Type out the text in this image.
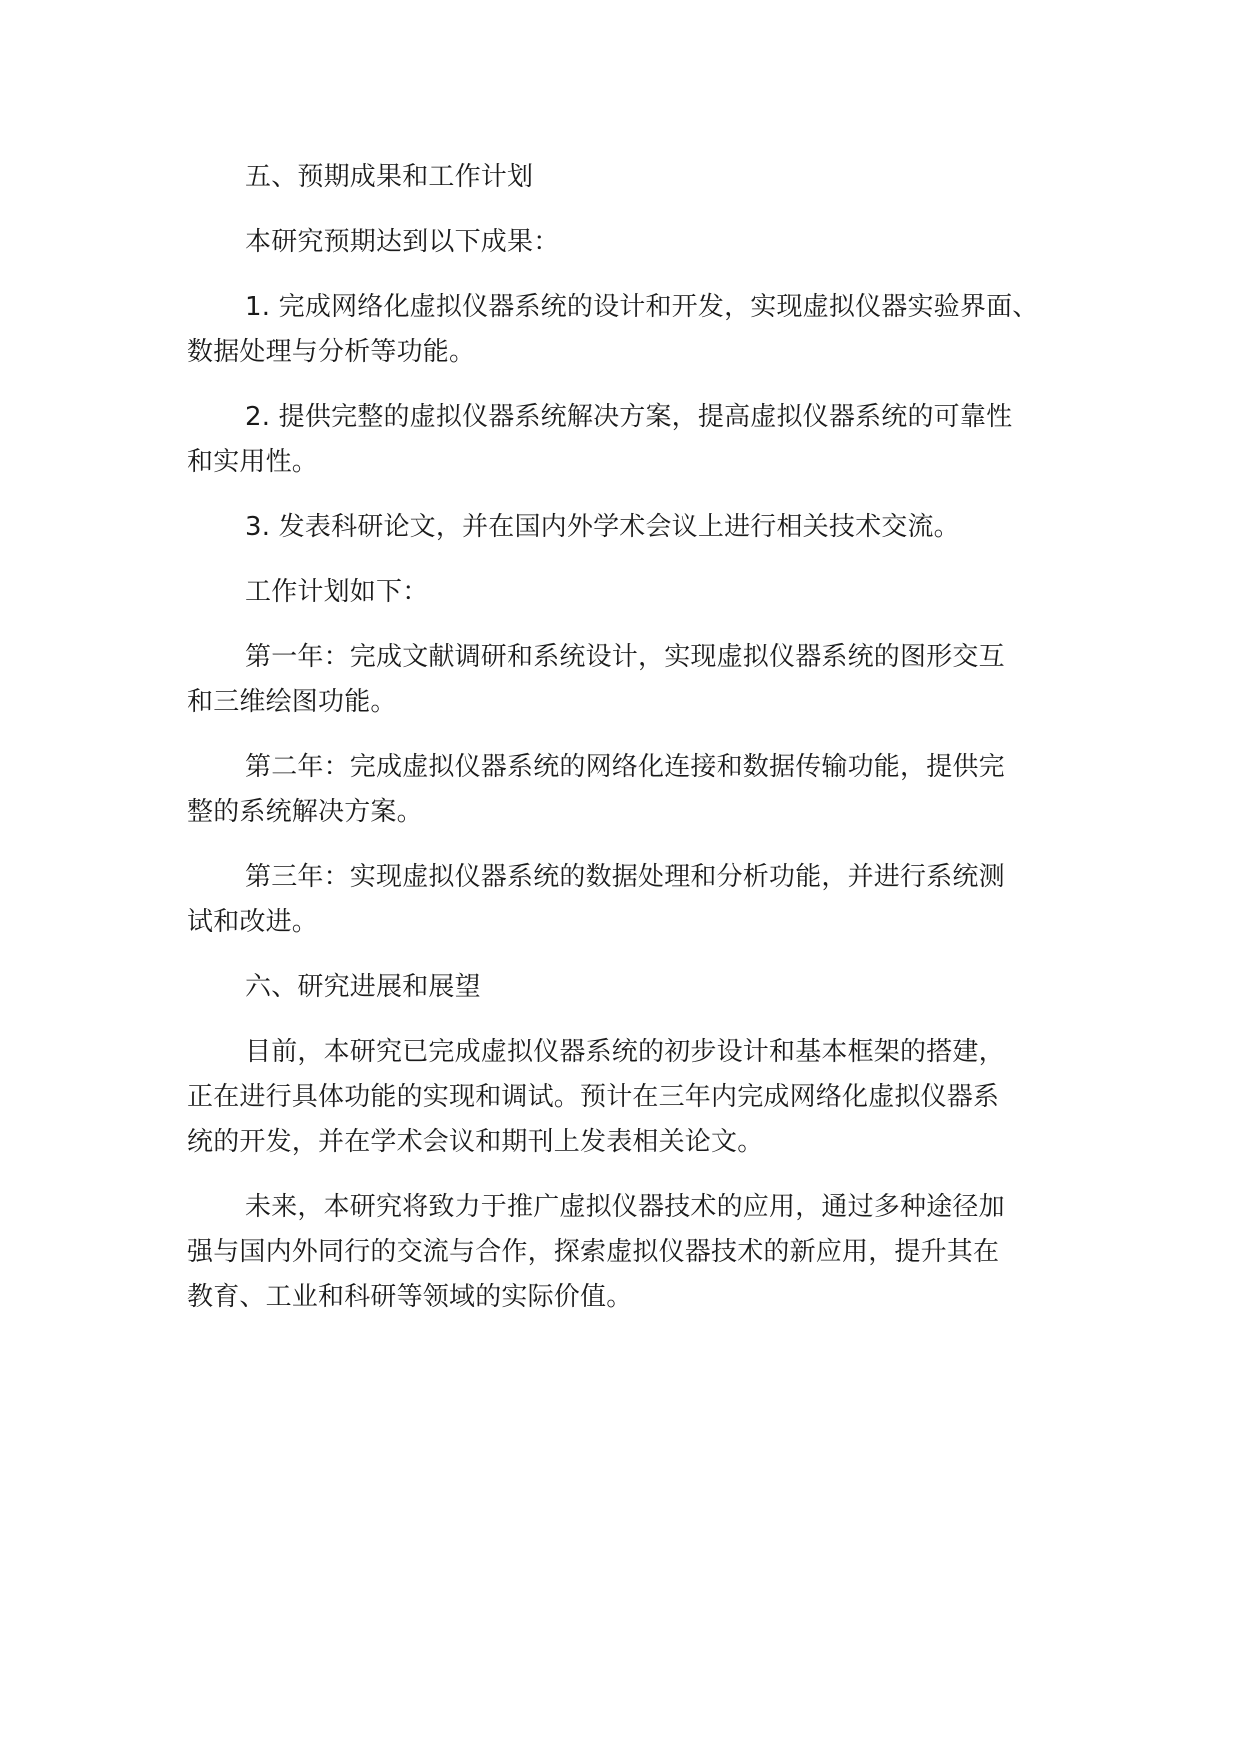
五、预期成果和工作计划

本研究预期达到以下成果：

1. 完成网络化虚拟仪器系统的设计和开发，实现虚拟仪器实验界面、
数据处理与分析等功能。

2. 提供完整的虚拟仪器系统解决方案，提高虚拟仪器系统的可靠性
和实用性。

3. 发表科研论文，并在国内外学术会议上进行相关技术交流。

工作计划如下：

第一年：完成文献调研和系统设计，实现虚拟仪器系统的图形交互
和三维绘图功能。

第二年：完成虚拟仪器系统的网络化连接和数据传输功能，提供完
整的系统解决方案。

第三年：实现虚拟仪器系统的数据处理和分析功能，并进行系统测
试和改进。

六、研究进展和展望

目前，本研究已完成虚拟仪器系统的初步设计和基本框架的搭建，
正在进行具体功能的实现和调试。预计在三年内完成网络化虚拟仪器系
统的开发，并在学术会议和期刊上发表相关论文。

未来，本研究将致力于推广虚拟仪器技术的应用，通过多种途径加
强与国内外同行的交流与合作，探索虚拟仪器技术的新应用，提升其在
教育、工业和科研等领域的实际价值。
